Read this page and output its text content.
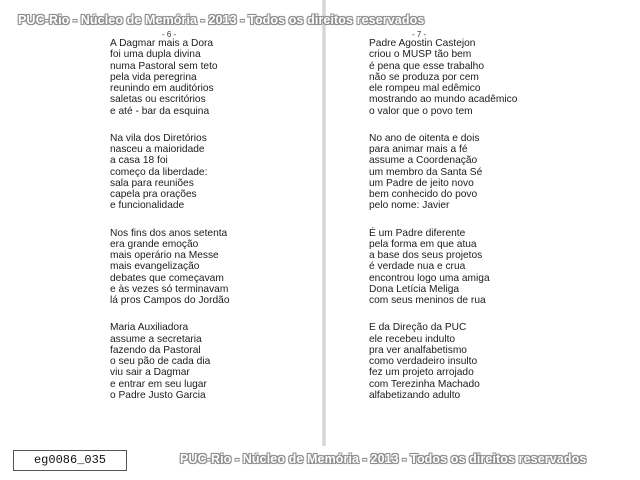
- 6 -
A Dagmar mais a Dora
foi uma dupla divina
numa Pastoral sem teto
pela vida peregrina
reunindo em auditórios
saletas ou escritórios
e até - bar da esquina
Na vila dos Diretórios
nasceu a maioridade
a casa 18 foi
começo da liberdade:
sala para reuniões
capela pra orações
e funcionalidade
Nos fins dos anos setenta
era grande emoção
mais operário na Messe
mais evangelização
debates que começavam
e às vezes só terminavam
lá pros Campos do Jordão
Maria Auxiliadora
assume a secretaria
fazendo da Pastoral
o seu pão de cada dia
viu sair a Dagmar
e entrar em seu lugar
o Padre Justo Garcia
- 7 -
Padre Agostin Castejon
criou o MUSP tão bem
é pena que esse trabalho
não se produza por cem
ele rompeu mal edêmico
mostrando ao mundo acadêmico
o valor que o povo tem
No ano de oitenta e dois
para animar mais a fé
assume a Coordenação
um membro da Santa Sé
um Padre de jeito novo
bem conhecido do povo
pelo nome: Javier
É um Padre diferente
pela forma em que atua
a base dos seus projetos
é verdade nua e crua
encontrou logo uma amiga
Dona Letícia Meliga
com seus meninos de rua
E da Direção da PUC
ele recebeu indulto
pra ver analfabetismo
como verdadeiro insulto
fez um projeto arrojado
com Terezinha Machado
alfabetizando adulto
PUC-Rio - Núcleo de Memória - 2013 - Todos os direitos reservados
PUC-Rio - Núcleo de Memória - 2013 - Todos os direitos reservados
eg0086_035
